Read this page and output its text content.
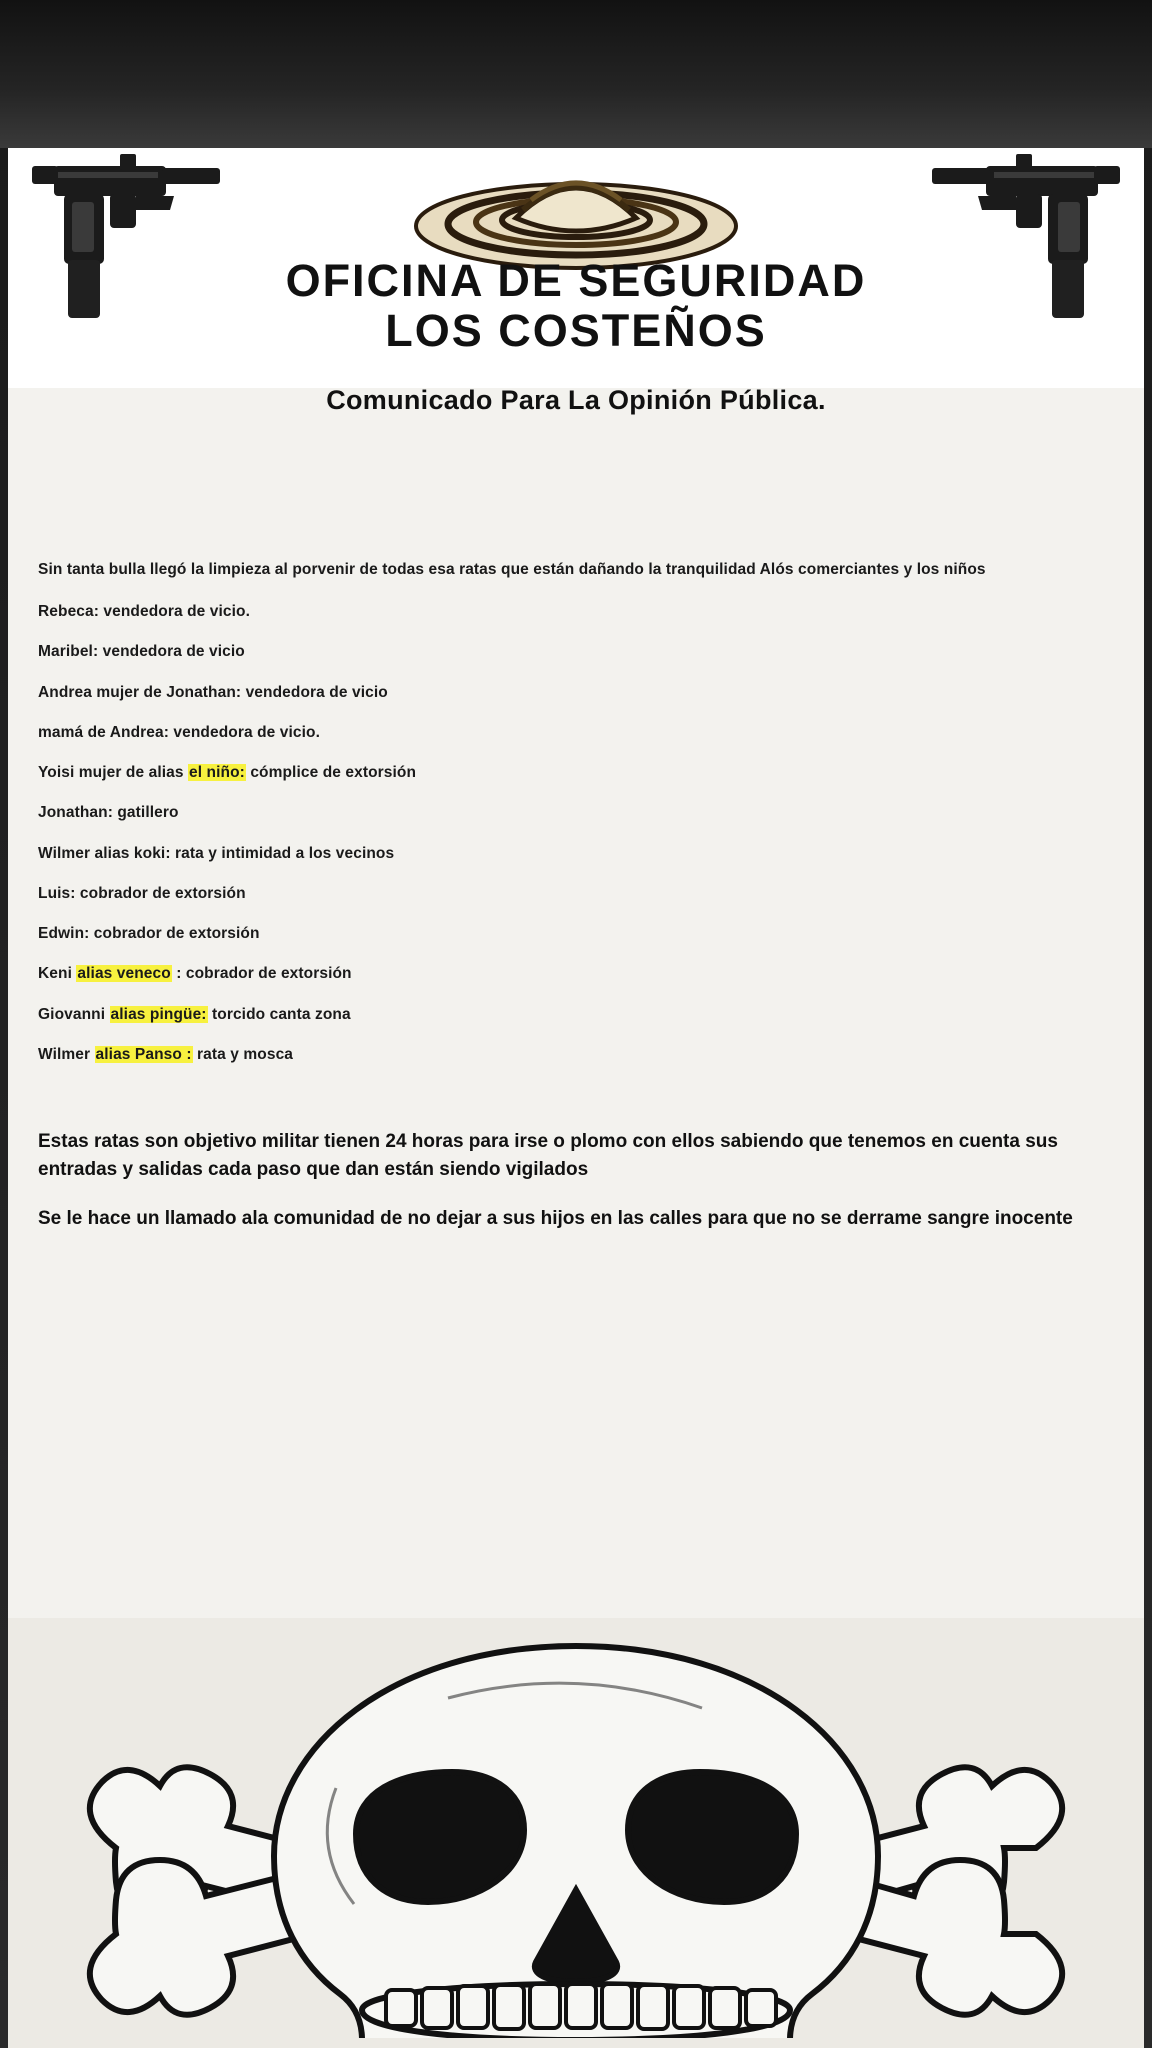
OFICINA DE SEGURIDAD
LOS COSTEÑOS
Comunicado Para La Opinión Pública.
Sin tanta bulla llegó la limpieza al porvenir de todas esa ratas que están dañando la tranquilidad Alós comerciantes y los niños
Rebeca: vendedora de vicio.
Maribel: vendedora de vicio
Andrea mujer de Jonathan: vendedora de vicio
mamá de Andrea: vendedora de vicio.
Yoisi mujer de alias el niño: cómplice de extorsión
Jonathan: gatillero
Wilmer alias koki: rata y intimidad a los vecinos
Luis: cobrador de extorsión
Edwin: cobrador de extorsión
Keni alias veneco : cobrador de extorsión
Giovanni alias pingüe: torcido canta zona
Wilmer alias Panso : rata y mosca

Estas ratas son objetivo militar tienen 24 horas para irse o plomo con ellos sabiendo que tenemos en cuenta sus entradas y salidas cada paso que dan están siendo vigilados

Se le hace un llamado ala comunidad de no dejar a sus hijos en las calles para que no se derrame sangre inocente
